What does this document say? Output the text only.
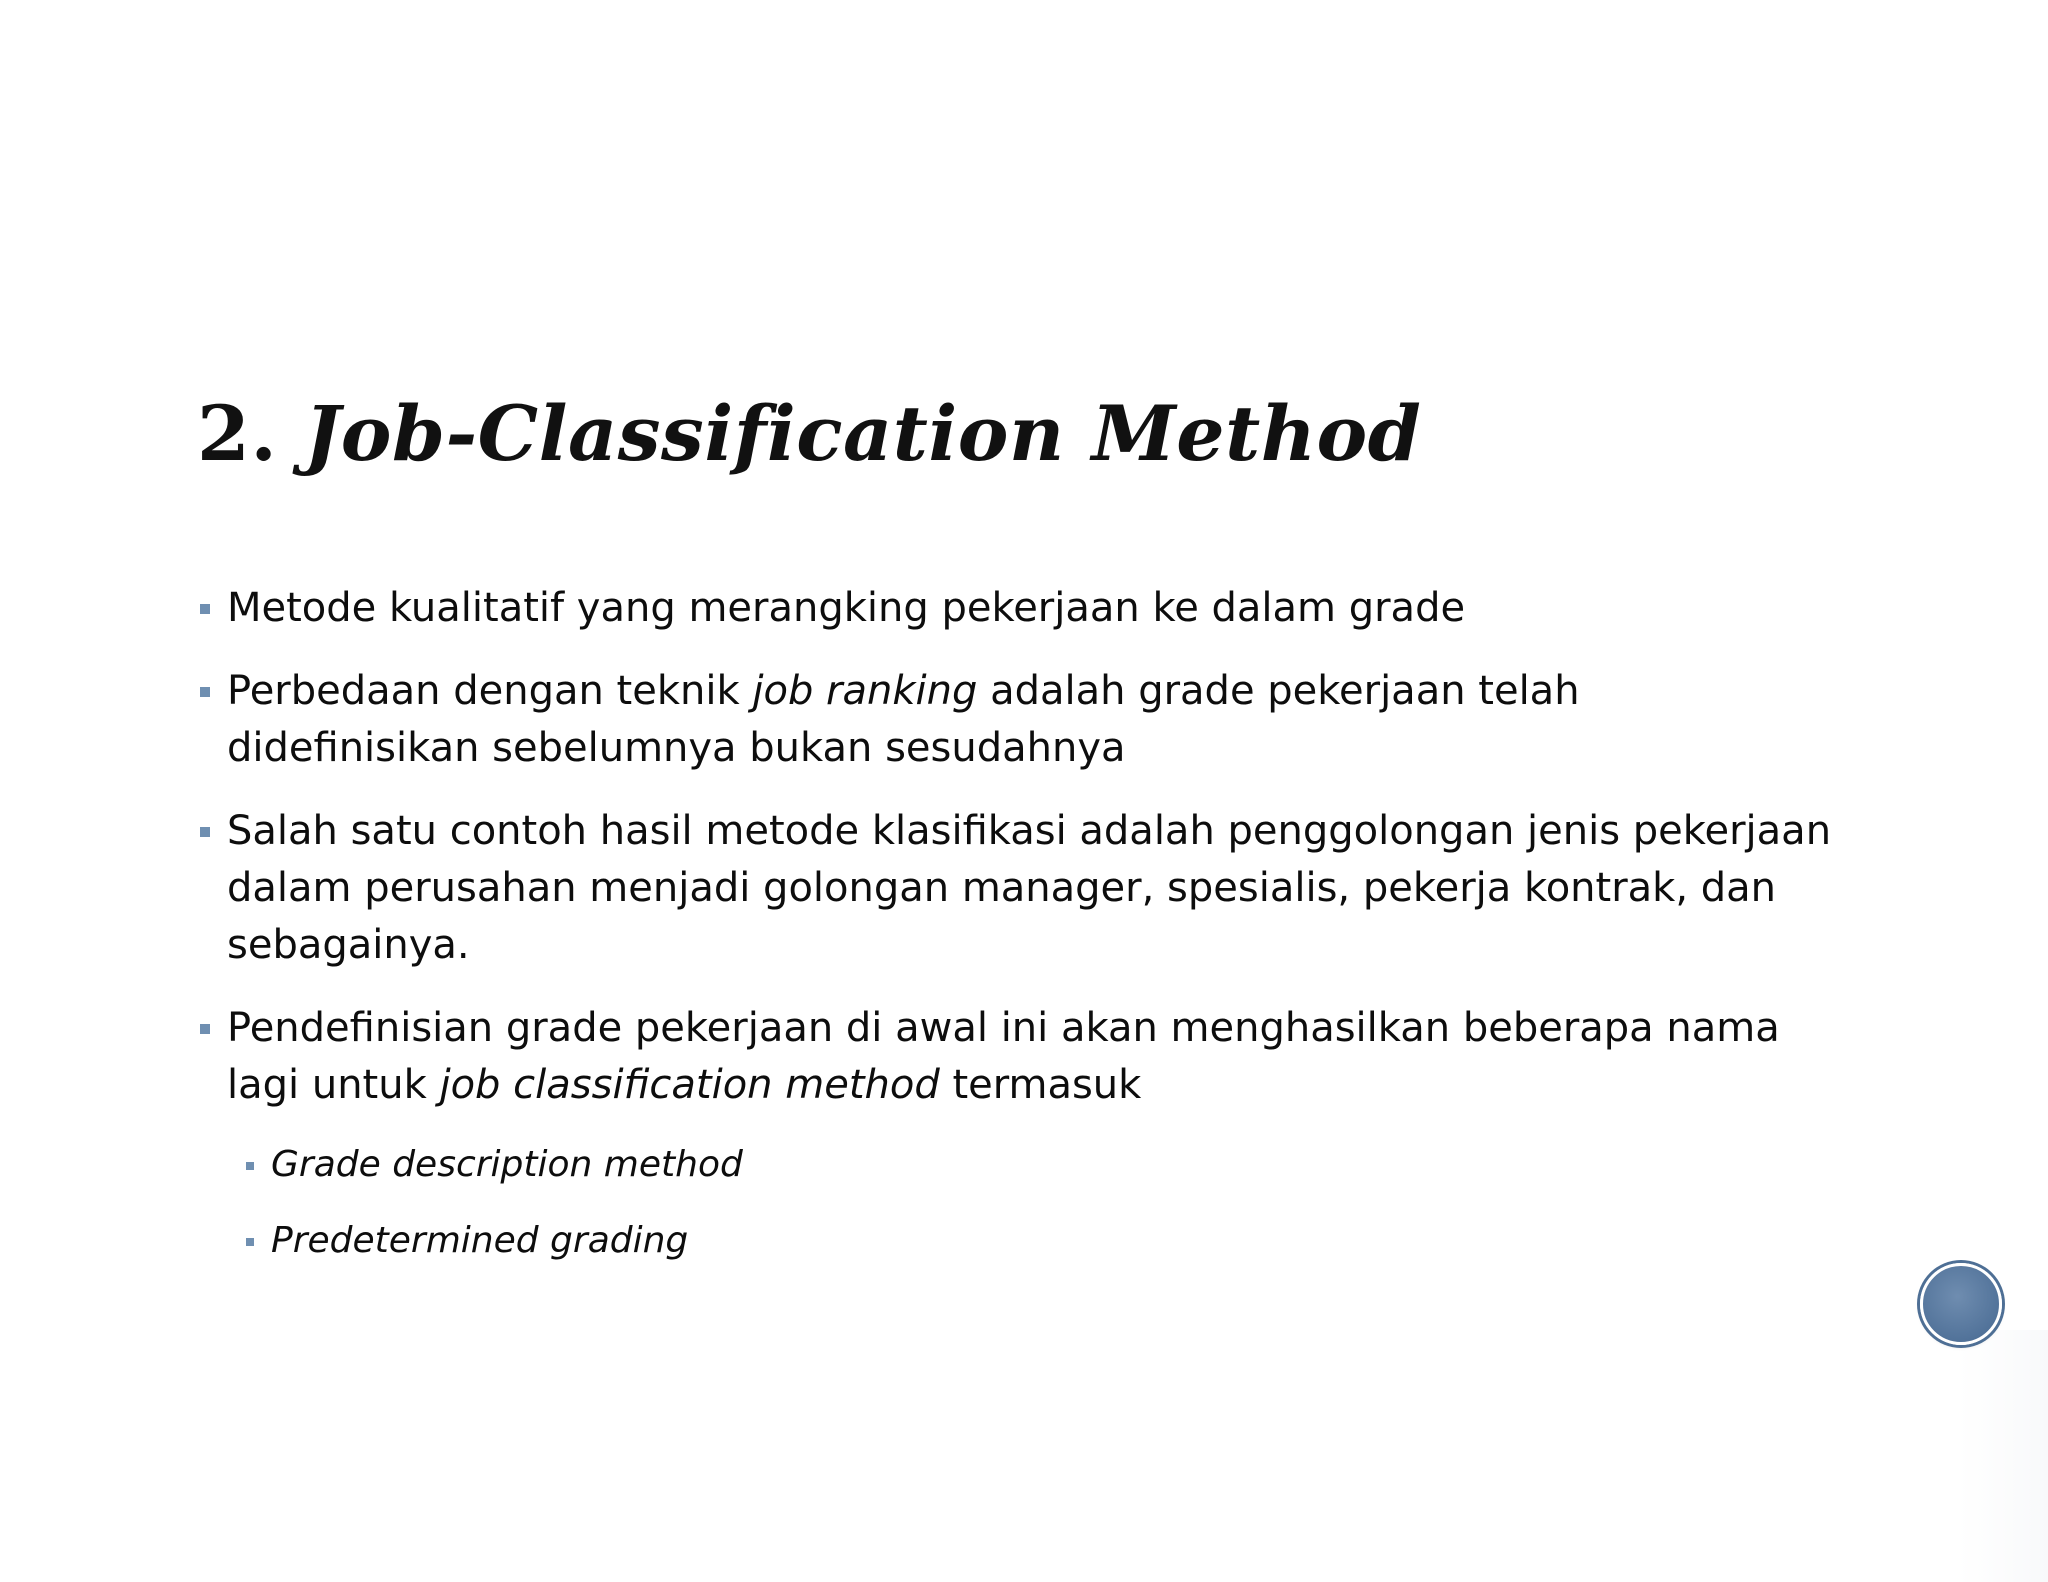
2. Job-Classification Method
Metode kualitatif yang merangking pekerjaan ke dalam grade
Perbedaan dengan teknik job ranking adalah grade pekerjaan telah didefinisikan sebelumnya bukan sesudahnya
Salah satu contoh hasil metode klasifikasi adalah penggolongan jenis pekerjaan dalam perusahan menjadi golongan manager, spesialis, pekerja kontrak, dan sebagainya.
Pendefinisian grade pekerjaan di awal ini akan menghasilkan beberapa nama lagi untuk job classification method termasuk
Grade description method
Predetermined grading
